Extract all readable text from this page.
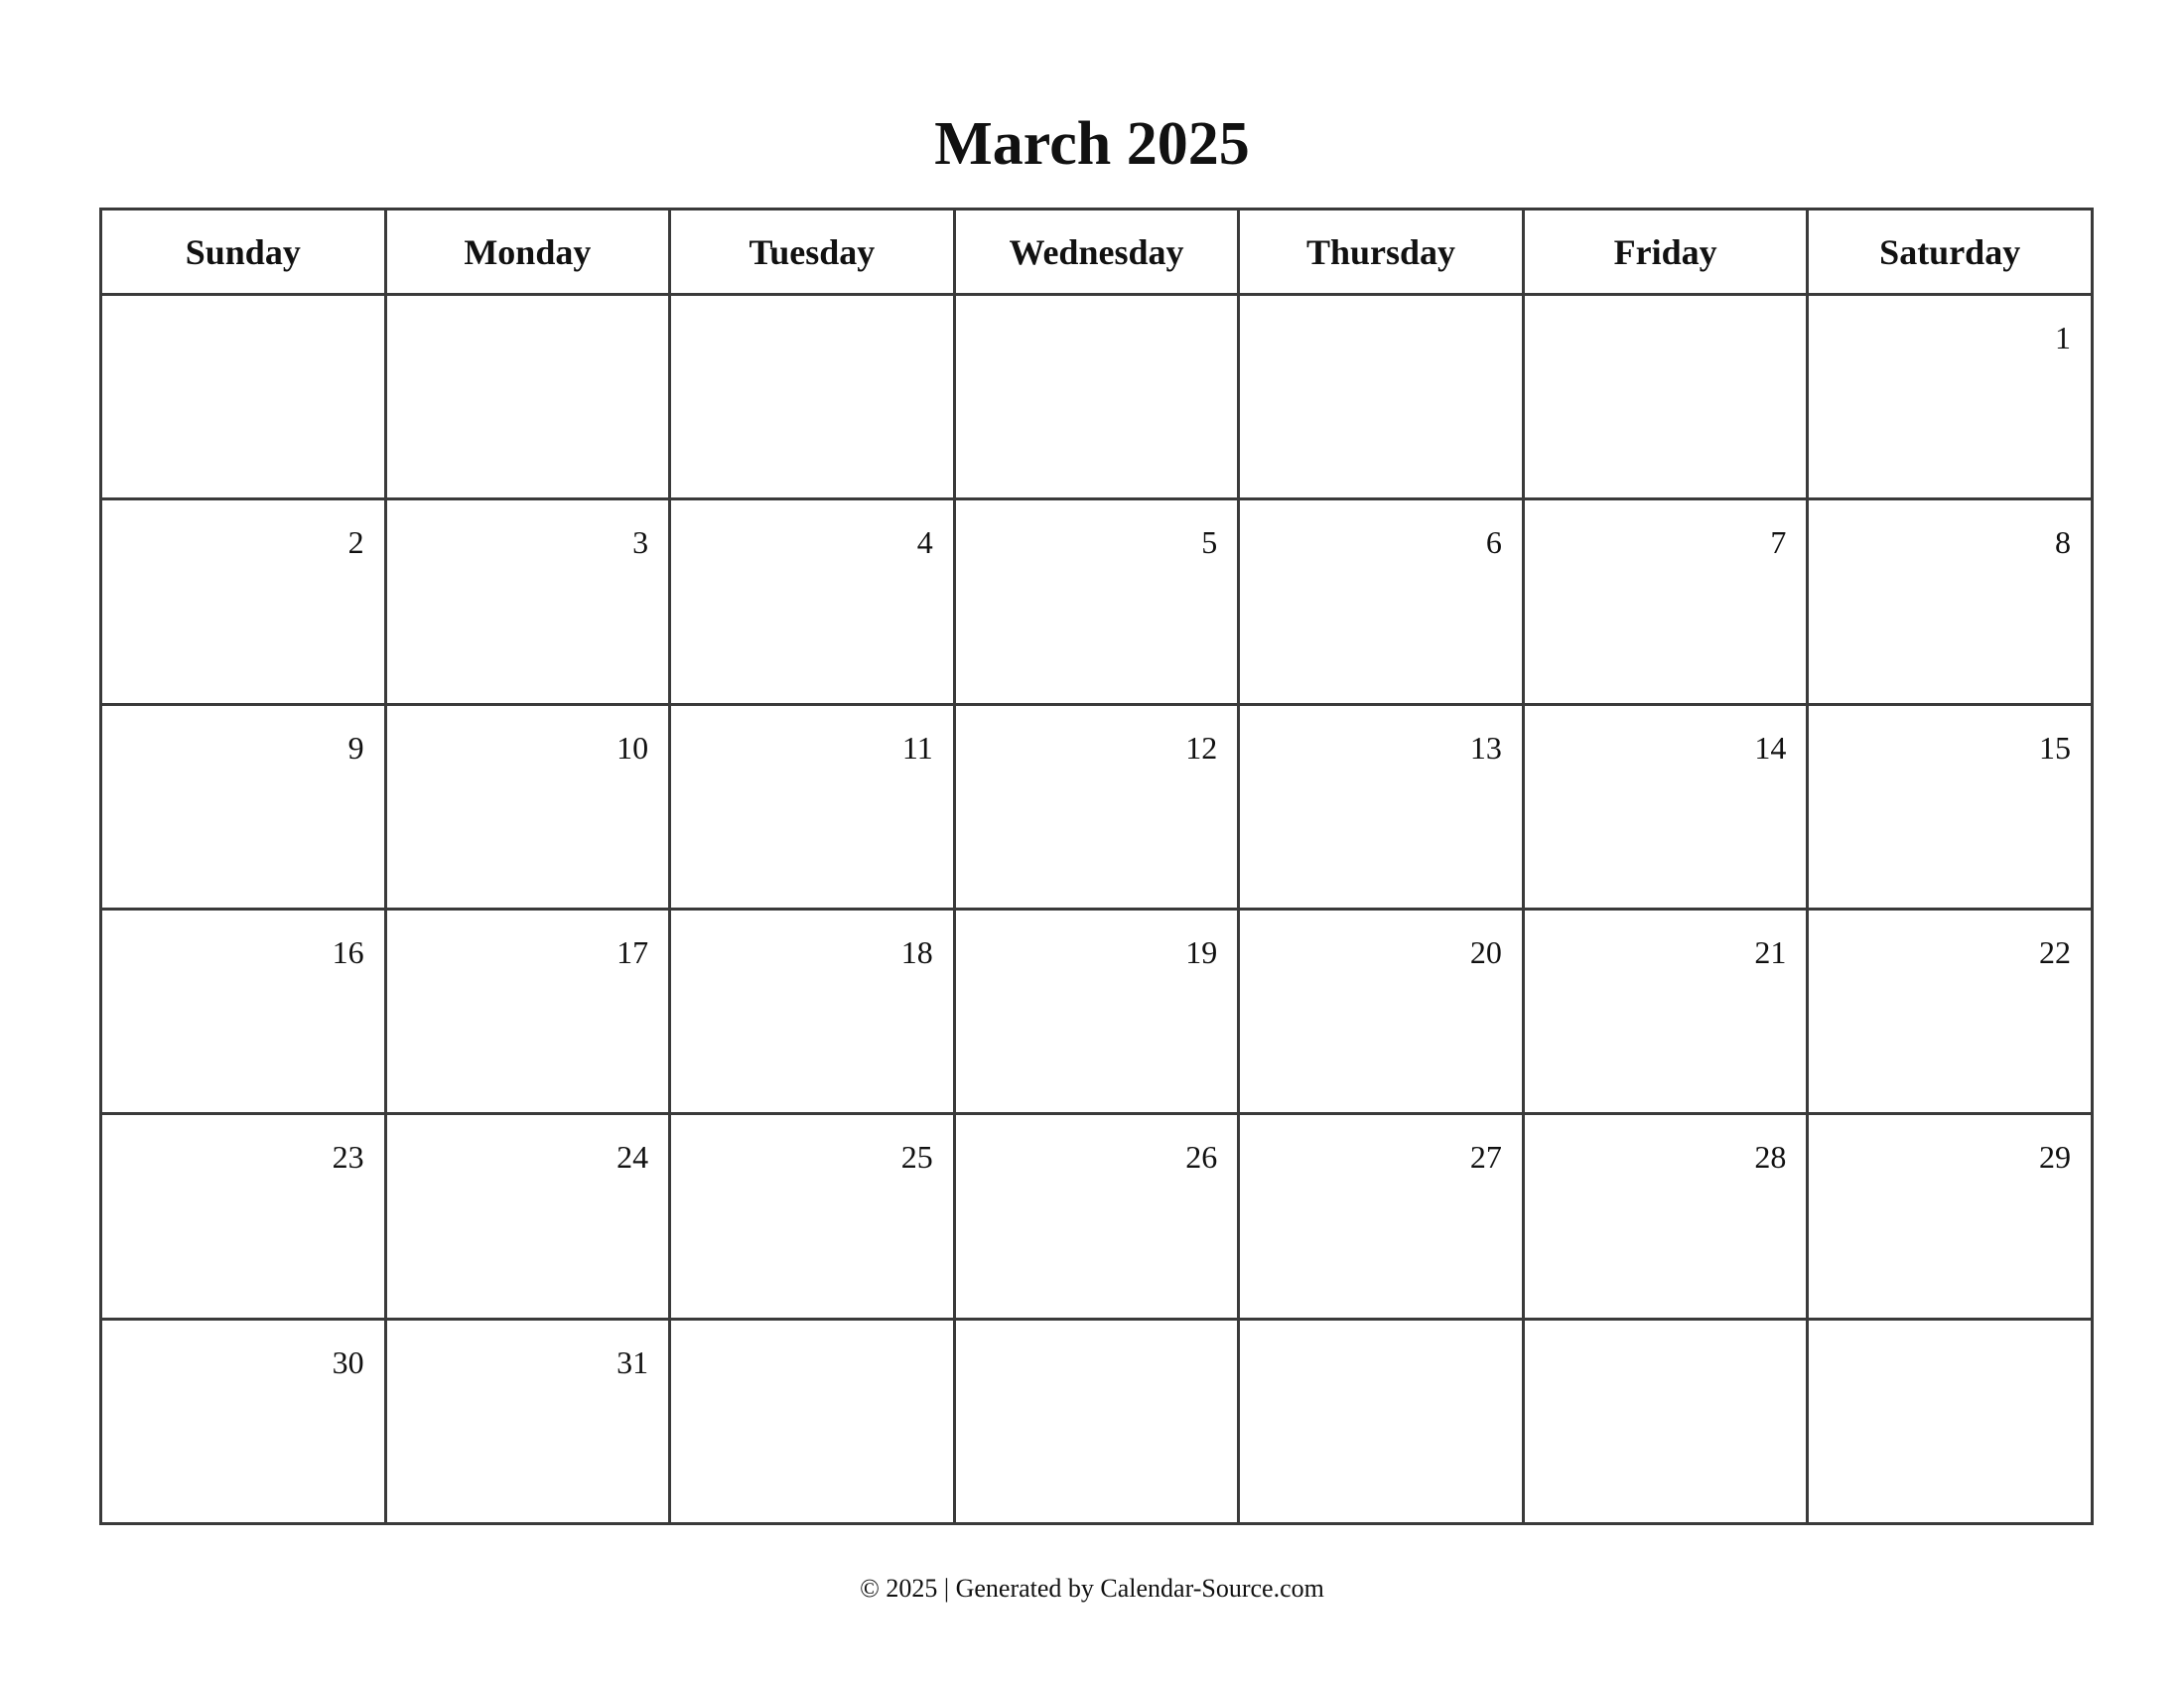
March 2025
Sunday	Monday	Tuesday	Wednesday	Thursday	Friday	Saturday

						1

2	3	4	5	6	7	8

9	10	11	12	13	14	15

16	17	18	19	20	21	22

23	24	25	26	27	28	29

30	31					

© 2025 | Generated by Calendar-Source.com
